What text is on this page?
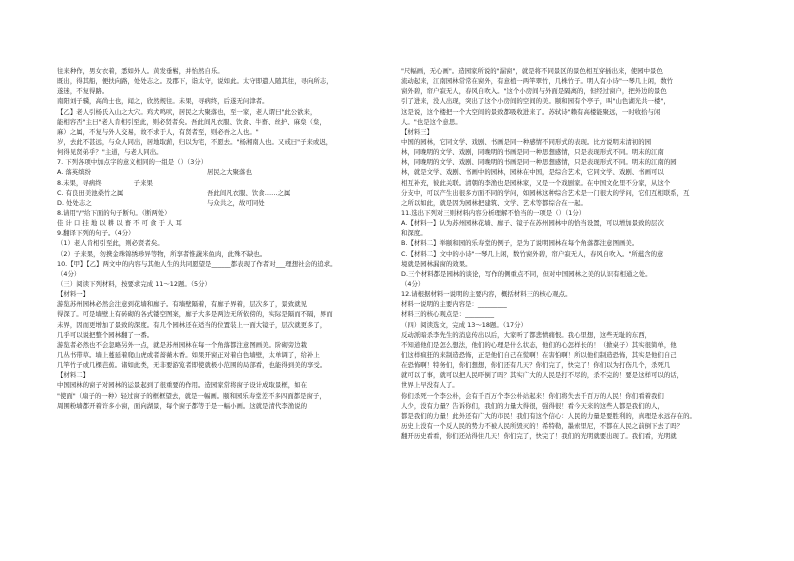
往来种作，男女衣着，悉如外人。黄发垂髫，并怡然自乐。
既出，得其船，便扶向路，处处志之。及郡下，诣太守，说如此。太守即遣人随其往，寻向所志，
遂迷，不复得路。
南阳刘子骥，高尚士也，闻之，欣然规往。未果，寻病终，后遂无问津者。
【乙】老人引杨氏入山之大穴。鸡犬鸣吠，居民之大聚落也，至一家，老人谓曰"此公欲来，
能相容否"主曰"老人肯相引至此，则必贤者矣。吾此间凡衣服、饮食、牛畜、丝护、麻枲（枲，
麻）之属，不复与外人交易，故不求于人，有贤者至，则必吾之人也。"
岁，去此不甚远，与众人同出，居地取薪，归以为宅，不愿去。"杨湘南人也。又戒曰"子来或迟，
何得见贤弟乎？"主道，与老人同出。
7. 下列各项中加点字的意义相同的一组是（）（3分）
A. 落英缤纷	居民之大聚落也
8.未果，寻病终　　　　　子来果
C. 有良田美池桑竹之属	吾此间凡衣服、饮食……之属
D. 处处志之	与众共之，故可同处
8.请用"/"给下面的句子断句。（断两处）
佳 计 口 挂 地 以 耕 以 畜 不 可 食 于 人 耳
9.翻译下列的句子。（4分）
（1）老人肯相引至此，则必贤者矣。
（2）子来果，勿携金珠锦绣珍异等物，所享者惟蔬米鱼肉，此殊不缺也。
10.【甲】【乙】两文中的内容与其他人生的共同愿望是______都表现了作者对___理想社会的追求。
（4分）
（三）阅读下列材料，按要求完成 11～12题。（5分）
【材料一】
游览苏州园林必然会注意到花墙和廊子。有墙壁隔着，有廊子界着，层次多了，景致就见
得深了。可是墙壁上有砖砌的各式镂空图案，廊子大多是两边无所依傍的，实际是隔而不隔，界而
未界，因而更增加了景致的深度。有几个园林还在适当的位置装上一面大镜子，层次就更多了，
几乎可以说把整个园林翻了一番。
游览者必然也不会忽略另外一点，就是苏州园林在每一个角落都注意图画美。阶砌旁边栽
几丛书带草。墙上蔓延着爬山虎或者蔷薇木香。如果开窗正对着白色墙壁，太单调了，给补上
几竿竹子或几棵芭蕉。诸如此类，无非要游览者即使就极小范围的局部看，也能得到美的享受。
【材料二】
中国园林的窗子对园林的运景起到了很重要的作用。造园家常将窗子设计成取景框，如在
"使面"（扇子的一种）轻过窗子的框框望去，就是一幅画。颐和园乐寿堂差不多四面都是窗子，
周围粉墙都开着许多小窗，面向湖景，每个窗子都等于是一幅小画。这就是清代李渔说的
"尺幅画，无心画"。造园家所说的"漏窗"，就是将不同景区的景色相互穿插出来，使园中景色
流动起来，江南园林常常在窗外，有意植一两竿翠竹，几株竹子。明人有小诗"一琴几上闲，数竹
窗外碧，帘户寂无人，春风自吹入。"这个小房间与外面是隔离的，但经过窗户，把外边的景色
引了进来，没人出现，突出了这个小房间的空间的美。颐和园有个亭子，叫"山色湖光共一楼"，
这是说，这个楼把一个大空间的景致都吸收进来了。苏轼诗"赖有高楼能聚远，一时收拾与闲
人。"也是这个意思。
【材料三】
中国的园林，它同文学、戏剧、书画是同一种感情不同形式的表现。比方说明末清初的园
林，同晚明的文学、戏剧，同晚明的书画是同一种思想感情，只是表现形式不同。明末的江南
林，同晚明的文学、戏剧、同晚明的书画是同一种思想感情，只是表现形式不同。明末的江南的园
林，就是文学、戏剧、书画中的园林，园林在中国，是综合艺术，它同文学、戏剧、书画可以
相互补充，彼此关联。清朝的李渔也是园林家，又是一个戏剧家。在中国文化里不分家，从这个
分支中，可以产生出很多方面不同的学问，如园林这种综合艺术是一门很大的学问，它们互相联系，互
之所以如此，就是因为园林把建筑、文学、艺术等都综合在一起。
11.选出下列对三则材料内容分析理解不恰当的一项是（）（1分）
A.【材料一】认为苏州园林花墙、廊子、镜子在苏州园林中的恰当设置，可以增加景致的层次
和深度。
B.【材料二】举颐和园的乐寿堂的例子，是为了说明园林在每个角落都注意图画美。
C.【材料二】文中的小诗"一琴几上闲，数竹窗外碧，帘户寂无人，春风自吹入。"所蕴含的意
境就是园林漏窗的效果。
D.三个材料都是园林的谈论，写作的侧重点不同，但对中国园林之美的认识有相通之处。
（4分）
12.请根据材料一说明的主要内容，概括材料三的核心观点。
材料一说明的主要内容是：_________
材料三的核心观点是：_________
（四）阅读选文，完成 13～18题。（17分）
反动派暗杀李先生的消息传出以后，大家听了都悲愤痛恨。我心里想，这些无耻的东西，
不知道他们是怎么想法，他们的心理是什么状态，他们的心怎样长的！（掀桌子）其实很简单，他
们这样疯狂的来制造恐怖，正是他们自己在慌啊！在害怕啊！所以他们制造恐怖，其实是他们自己
在恐怖啊！特务们，你们想想，你们还有几天？你们完了，快完了！你们以为打伤几个，杀死几
就可以了事，就可以把人民吓倒了吗？其实广大的人民是打不尽的，杀不完的！要是这样可以的话，
世界上早没有人了。
你们杀死一个李公朴，会有千百万个李公朴站起来！你们将失去千百万的人民！你们看着我们
人少，没有力量？告诉你们，我们的力量大得很，强得很！看今天来的这些人都是我们的人，
都是我们的力量！此外还有广大的市民！我们有这个信心：人民的力量是要胜利的，真理是永远存在的。
历史上没有一个反人民的势力不被人民所毁灭的！希特勒，墨索里尼，不都在人民之前倒下去了吗？
翻开历史看看，你们还站得住几天！你们完了，快完了！我们的光明就要出现了。我们看，光明就
